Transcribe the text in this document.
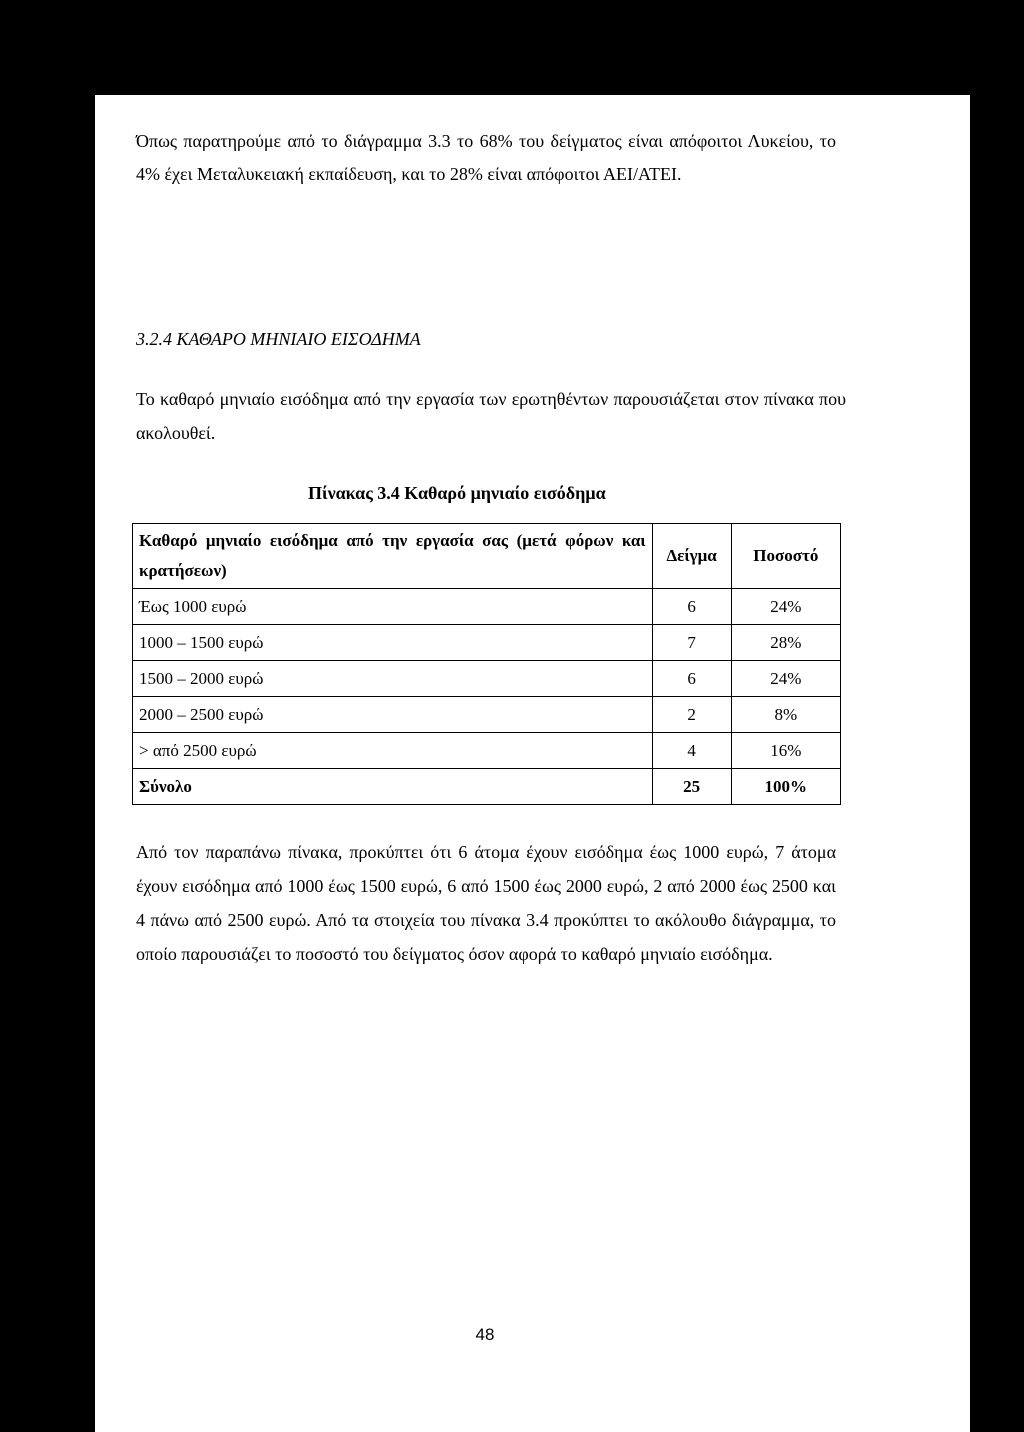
Όπως παρατηρούμε από το διάγραμμα 3.3 το 68% του δείγματος είναι απόφοιτοι Λυκείου, το 4% έχει Μεταλυκειακή εκπαίδευση, και το 28% είναι απόφοιτοι ΑΕΙ/ΑΤΕΙ.

3.2.4 ΚΑΘΑΡΟ ΜΗΝΙΑΙΟ ΕΙΣΟΔΗΜΑ

Το καθαρό μηνιαίο εισόδημα από την εργασία των ερωτηθέντων παρουσιάζεται στον πίνακα που ακολουθεί.

Πίνακας 3.4 Καθαρό μηνιαίο εισόδημα
Καθαρό μηνιαίο εισόδημα από την εργασία σας (μετά φόρων και κρατήσεων)	Δείγμα	Ποσοστό
Έως 1000 ευρώ	6	24%
1000 – 1500 ευρώ	7	28%
1500 – 2000 ευρώ	6	24%
2000 – 2500 ευρώ	2	8%
> από 2500 ευρώ	4	16%
Σύνολο	25	100%

Από τον παραπάνω πίνακα, προκύπτει ότι 6 άτομα έχουν εισόδημα έως 1000 ευρώ, 7 άτομα έχουν εισόδημα από 1000 έως 1500 ευρώ, 6 από 1500 έως 2000 ευρώ, 2 από 2000 έως 2500 και 4 πάνω από 2500 ευρώ. Από τα στοιχεία του πίνακα 3.4 προκύπτει το ακόλουθο διάγραμμα, το οποίο παρουσιάζει το ποσοστό του δείγματος όσον αφορά το καθαρό μηνιαίο εισόδημα.

48
